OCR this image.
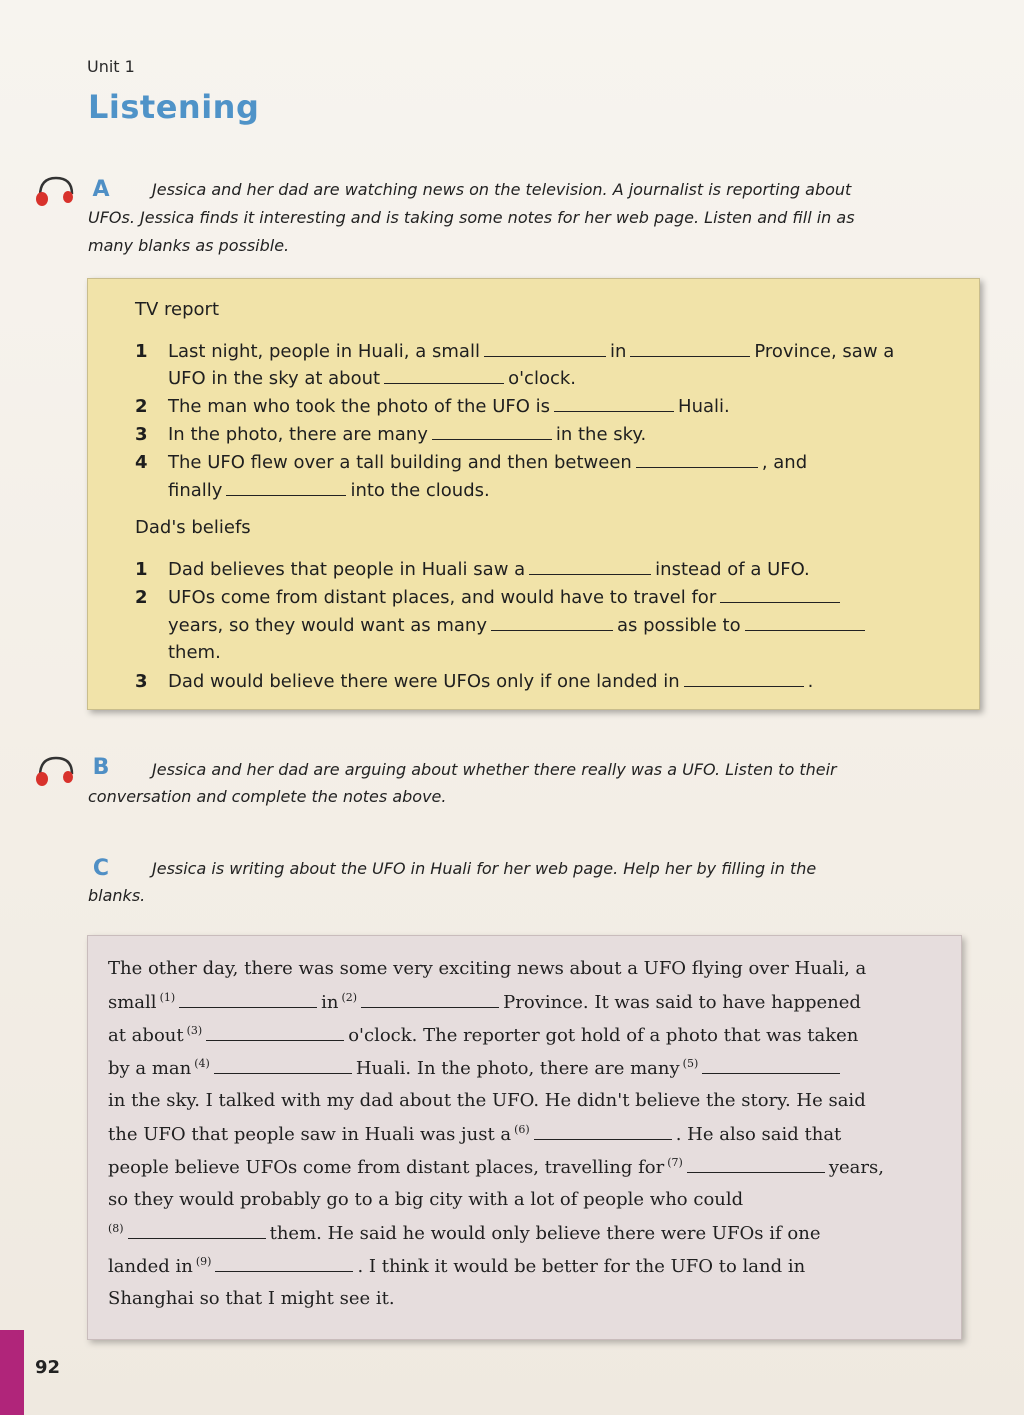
Unit 1
Listening
A	Jessica and her dad are watching news on the television. A journalist is reporting about
UFOs. Jessica finds it interesting and is taking some notes for her web page. Listen and fill in as
many blanks as possible.
TV report
1 Last night, people in Huali, a small	in	Province, saw a
UFO in the sky at about	o'clock.
2 The man who took the photo of the UFO is	Huali.
3 In the photo, there are many	in the sky.
4 The UFO flew over a tall building and then between	, and
finally	into the clouds.
Dad's beliefs
1 Dad believes that people in Huali saw a	instead of a UFO.
2 UFOs come from distant places, and would have to travel for
years, so they would want as many	as possible to
them.
3 Dad would believe there were UFOs only if one landed in	.
B	Jessica and her dad are arguing about whether there really was a UFO. Listen to their
conversation and complete the notes above.
C	Jessica is writing about the UFO in Huali for her web page. Help her by filling in the
blanks.
The other day, there was some very exciting news about a UFO flying over Huali, a
small $^{(1)}$	in $^{(2)}$	Province. It was said to have happened
at about $^{(3)}$	o'clock. The reporter got hold of a photo that was taken
by a man $^{(4)}$	Huali. In the photo, there are many $^{(5)}$
in the sky. I talked with my dad about the UFO. He didn't believe the story. He said
the UFO that people saw in Huali was just a $^{(6)}$	. He also said that
people believe UFOs come from distant places, travelling for $^{(7)}$	years,
so they would probably go to a big city with a lot of people who could
$^{(8)}$	them. He said he would only believe there were UFOs if one
landed in $^{(9)}$	. I think it would be better for the UFO to land in
Shanghai so that I might see it.
92
